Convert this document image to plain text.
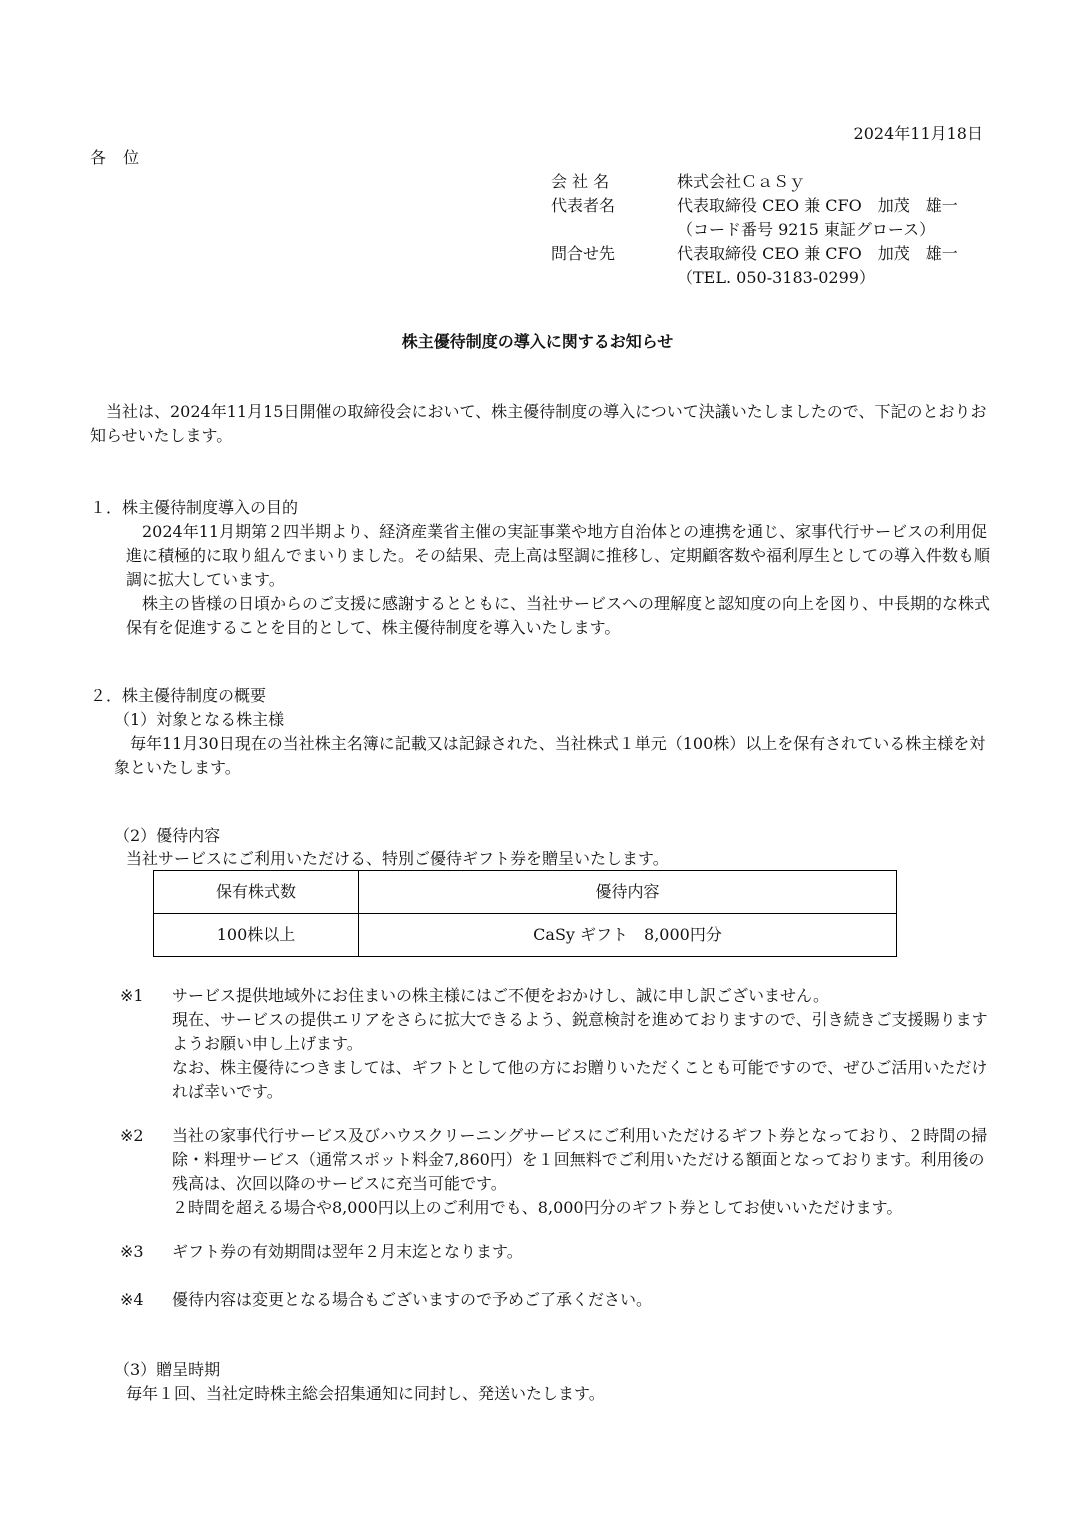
2024年11月18日
各 位
会 社 名	株式会社ＣａＳｙ
代表者名	代表取締役 CEO 兼 CFO　加茂　雄一
（コード番号 9215 東証グロース）
問合せ先	代表取締役 CEO 兼 CFO　加茂　雄一
（TEL. 050-3183-0299）
株主優待制度の導入に関するお知らせ
当社は、2024年11月15日開催の取締役会において、株主優待制度の導入について決議いたしましたので、下記のとおりお知らせいたします。
１．株主優待制度導入の目的
2024年11月期第２四半期より、経済産業省主催の実証事業や地方自治体との連携を通じ、家事代行サービスの利用促進に積極的に取り組んでまいりました。その結果、売上高は堅調に推移し、定期顧客数や福利厚生としての導入件数も順調に拡大しています。
株主の皆様の日頃からのご支援に感謝するとともに、当社サービスへの理解度と認知度の向上を図り、中長期的な株式保有を促進することを目的として、株主優待制度を導入いたします。
２．株主優待制度の概要
（1）対象となる株主様
毎年11月30日現在の当社株主名簿に記載又は記録された、当社株式１単元（100株）以上を保有されている株主様を対象といたします。
（2）優待内容
当社サービスにご利用いただける、特別ご優待ギフト券を贈呈いたします。
保有株式数	優待内容
100株以上	CaSy ギフト　8,000円分
※1	サービス提供地域外にお住まいの株主様にはご不便をおかけし、誠に申し訳ございません。
現在、サービスの提供エリアをさらに拡大できるよう、鋭意検討を進めておりますので、引き続きご支援賜りますようお願い申し上げます。
なお、株主優待につきましては、ギフトとして他の方にお贈りいただくことも可能ですので、ぜひご活用いただければ幸いです。
※2	当社の家事代行サービス及びハウスクリーニングサービスにご利用いただけるギフト券となっており、２時間の掃除・料理サービス（通常スポット料金7,860円）を１回無料でご利用いただける額面となっております。利用後の残高は、次回以降のサービスに充当可能です。
２時間を超える場合や8,000円以上のご利用でも、8,000円分のギフト券としてお使いいただけます。
※3	ギフト券の有効期間は翌年２月末迄となります。
※4	優待内容は変更となる場合もございますので予めご了承ください。
（3）贈呈時期
毎年１回、当社定時株主総会招集通知に同封し、発送いたします。
